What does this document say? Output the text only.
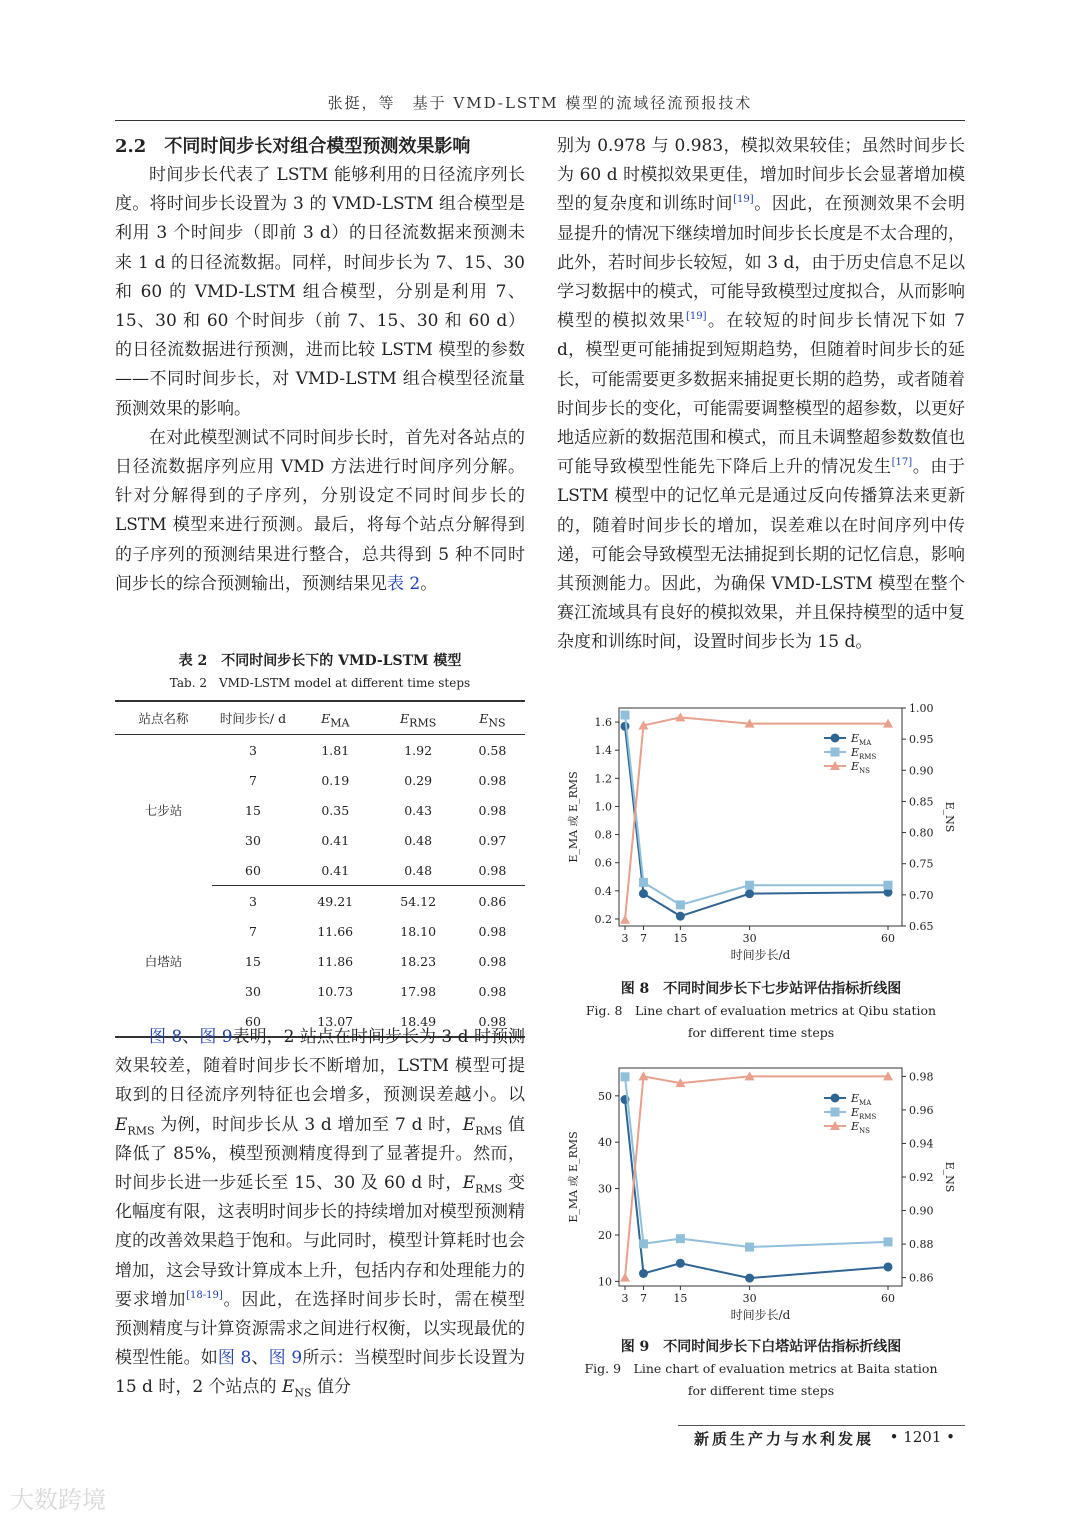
张挺，等　基于 VMD-LSTM 模型的流域径流预报技术

2.2 不同时间步长对组合模型预测效果影响

时间步长代表了 LSTM 能够利用的日径流序列长度。将时间步长设置为 3 的 VMD-LSTM 组合模型是利用 3 个时间步（即前 3 d）的日径流数据来预测未来 1 d 的日径流数据。同样，时间步长为 7、15、30 和 60 的 VMD-LSTM 组合模型，分别是利用 7、15、30 和 60 个时间步（前 7、15、30 和 60 d）的日径流数据进行预测，进而比较 LSTM 模型的参数——不同时间步长，对 VMD-LSTM 组合模型径流量预测效果的影响。

在对此模型测试不同时间步长时，首先对各站点的日径流数据序列应用 VMD 方法进行时间序列分解。针对分解得到的子序列，分别设定不同时间步长的 LSTM 模型来进行预测。最后，将每个站点分解得到的子序列的预测结果进行整合，总共得到 5 种不同时间步长的综合预测输出，预测结果见表 2。

表 2　不同时间步长下的 VMD-LSTM 模型
Tab. 2　VMD-LSTM model at different time steps
站点名称	时间步长/ d	$E_{MA}$	$E_{RMS}$	$E_{NS}$
七步站	3	1.81	1.92	0.58
	7	0.19	0.29	0.98
	15	0.35	0.43	0.98
	30	0.41	0.48	0.97
	60	0.41	0.48	0.98
白塔站	3	49.21	54.12	0.86
	7	11.66	18.10	0.98
	15	11.86	18.23	0.98
	30	10.73	17.98	0.98
	60	13.07	18.49	0.98

图 8、图 9表明，2 站点在时间步长为 3 d 时预测效果较差，随着时间步长不断增加，LSTM 模型可提取到的日径流序列特征也会增多，预测误差越小。以 $E_{RMS}$ 为例，时间步长从 3 d 增加至 7 d 时，$E_{RMS}$ 值降低了 85%，模型预测精度得到了显著提升。然而，时间步长进一步延长至 15、30 及 60 d 时，$E_{RMS}$ 变化幅度有限，这表明时间步长的持续增加对模型预测精度的改善效果趋于饱和。与此同时，模型计算耗时也会增加，这会导致计算成本上升，包括内存和处理能力的要求增加[18-19]。因此，在选择时间步长时，需在模型预测精度与计算资源需求之间进行权衡，以实现最优的模型性能。如图 8、图 9所示：当模型时间步长设置为 15 d 时，2 个站点的 $E_{NS}$ 值分

别为 0.978 与 0.983，模拟效果较佳；虽然时间步长为 60 d 时模拟效果更佳，增加时间步长会显著增加模型的复杂度和训练时间[19]。因此，在预测效果不会明显提升的情况下继续增加时间步长长度是不太合理的，此外，若时间步长较短，如 3 d，由于历史信息不足以学习数据中的模式，可能导致模型过度拟合，从而影响模型的模拟效果[19]。在较短的时间步长情况下如 7 d，模型更可能捕捉到短期趋势，但随着时间步长的延长，可能需要更多数据来捕捉更长期的趋势，或者随着时间步长的变化，可能需要调整模型的超参数，以更好地适应新的数据范围和模式，而且未调整超参数数值也可能导致模型性能先下降后上升的情况发生[17]。由于 LSTM 模型中的记忆单元是通过反向传播算法来更新的，随着时间步长的增加，误差难以在时间序列中传递，可能会导致模型无法捕捉到长期的记忆信息，影响其预测能力。因此，为确保 VMD-LSTM 模型在整个赛江流域具有良好的模拟效果，并且保持模型的适中复杂度和训练时间，设置时间步长为 15 d。

0.2
0.4
0.6
0.8
1.0
1.2
1.4
1.6
0.65
0.70
0.75
0.80
0.85
0.90
0.95
1.00
3 7 15	30	60
时间步长/d
E_MA 或 E_RMS	E_NS
$E_{MA}$
$E_{RMS}$
$E_{NS}$
图 8　不同时间步长下七步站评估指标折线图
Fig. 8　Line chart of evaluation metrics at Qibu station
for different time steps
10
20
30
40
50
0.86
0.88
0.90
0.92
0.94
0.96
0.98
3 7 15	30	60
时间步长/d
E_MA 或 E_RMS	E_NS
$E_{MA}$
$E_{RMS}$
$E_{NS}$
图 9　不同时间步长下白塔站评估指标折线图
Fig. 9　Line chart of evaluation metrics at Baita station
for different time steps
新质生产力与水利发展 • 1201 •
大数跨境
